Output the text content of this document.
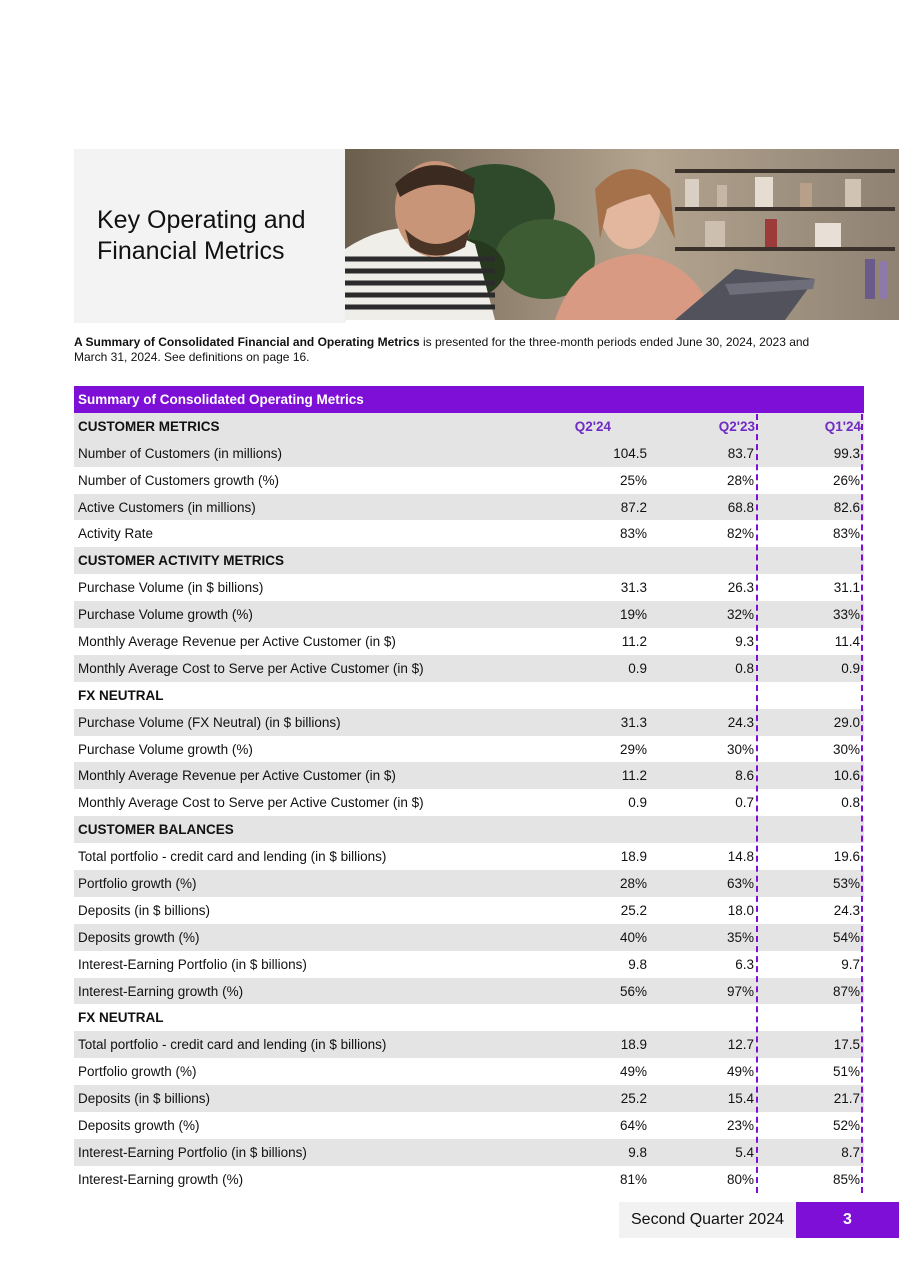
Key Operating and
Financial Metrics

A Summary of Consolidated Financial and Operating Metrics is presented for the three-month periods ended June 30, 2024, 2023 and March 31, 2024. See definitions on page 16.

Summary of Consolidated Operating Metrics			
CUSTOMER METRICS	Q2'24	Q2'23	Q1'24
Number of Customers (in millions)	104.5	83.7	99.3
Number of Customers growth (%)	25%	28%	26%
Active Customers (in millions)	87.2	68.8	82.6
Activity Rate	83%	82%	83%
CUSTOMER ACTIVITY METRICS			
Purchase Volume (in $ billions)	31.3	26.3	31.1
Purchase Volume growth (%)	19%	32%	33%
Monthly Average Revenue per Active Customer (in $)	11.2	9.3	11.4
Monthly Average Cost to Serve per Active Customer (in $)	0.9	0.8	0.9
FX NEUTRAL			
Purchase Volume (FX Neutral) (in $ billions)	31.3	24.3	29.0
Purchase Volume growth (%)	29%	30%	30%
Monthly Average Revenue per Active Customer (in $)	11.2	8.6	10.6
Monthly Average Cost to Serve per Active Customer (in $)	0.9	0.7	0.8
CUSTOMER BALANCES			
Total portfolio - credit card and lending (in $ billions)	18.9	14.8	19.6
Portfolio growth (%)	28%	63%	53%
Deposits (in $ billions)	25.2	18.0	24.3
Deposits growth (%)	40%	35%	54%
Interest-Earning Portfolio (in $ billions)	9.8	6.3	9.7
Interest-Earning growth (%)	56%	97%	87%
FX NEUTRAL			
Total portfolio - credit card and lending (in $ billions)	18.9	12.7	17.5
Portfolio growth (%)	49%	49%	51%
Deposits (in $ billions)	25.2	15.4	21.7
Deposits growth (%)	64%	23%	52%
Interest-Earning Portfolio (in $ billions)	9.8	5.4	8.7
Interest-Earning growth (%)	81%	80%	85%
Second Quarter 2024	3
